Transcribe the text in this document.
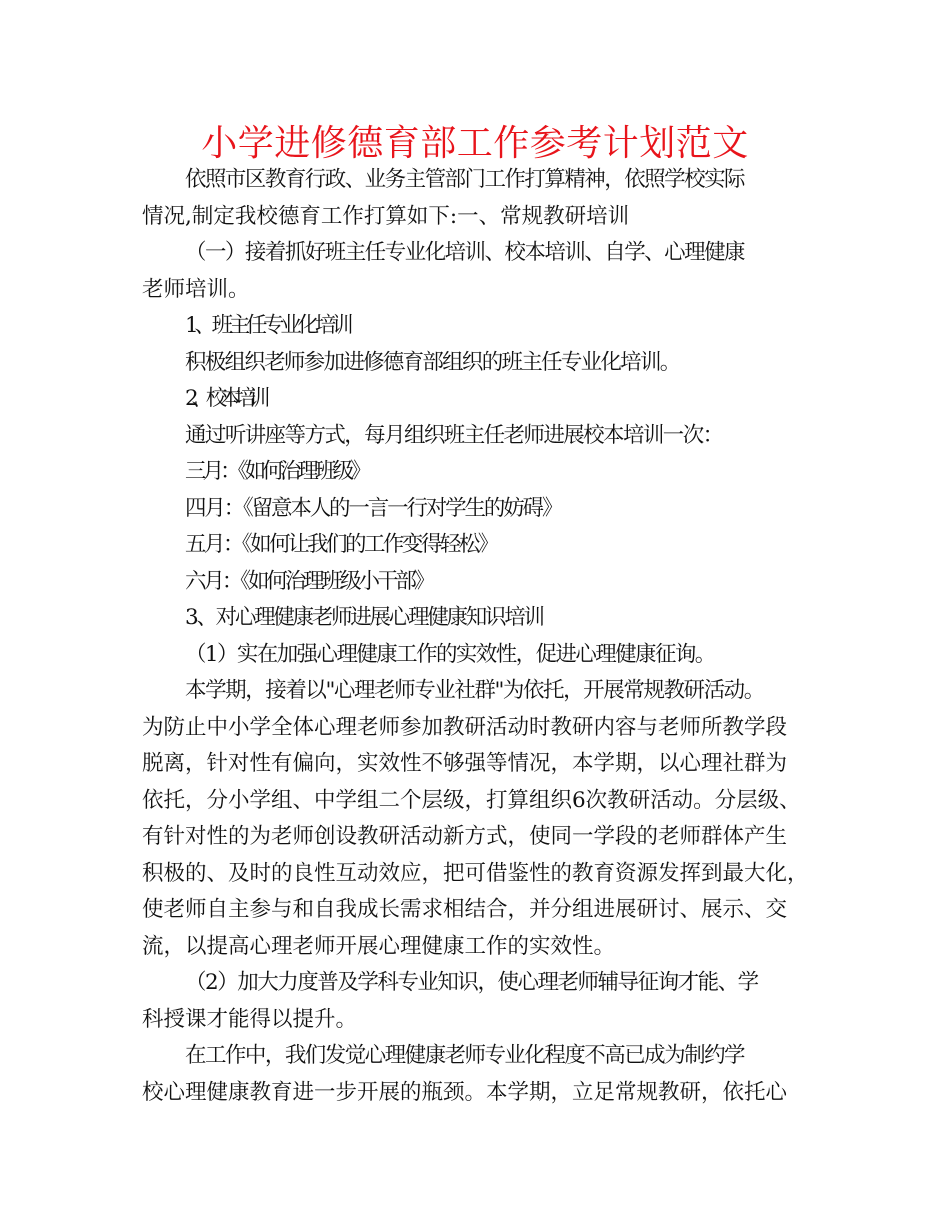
小学进修德育部工作参考计划范文

依照市区教育行政、业务主管部门工作打算精神，依照学校实际
情况,制定我校德育工作打算如下:一、常规教研培训

（一）接着抓好班主任专业化培训、校本培训、自学、心理健康
老师培训。

1、班主任专业化培训

积极组织老师参加进修德育部组织的班主任专业化培训。

2、校本培训

通过听讲座等方式，每月组织班主任老师进展校本培训一次：

三月：《如何治理班级》

四月：《留意本人的一言一行对学生的妨碍》

五月：《如何让我们的工作变得轻松》

六月：《如何治理班级小干部》

3、对心理健康老师进展心理健康知识培训

（1）实在加强心理健康工作的实效性，促进心理健康征询。

本学期，接着以"心理老师专业社群"为依托，开展常规教研活动。
为防止中小学全体心理老师参加教研活动时教研内容与老师所教学段
脱离，针对性有偏向，实效性不够强等情况，本学期，以心理社群为
依托，分小学组、中学组二个层级，打算组织6次教研活动。分层级、
有针对性的为老师创设教研活动新方式，使同一学段的老师群体产生
积极的、及时的良性互动效应，把可借鉴性的教育资源发挥到最大化，
使老师自主参与和自我成长需求相结合，并分组进展研讨、展示、交
流，以提高心理老师开展心理健康工作的实效性。

（2）加大力度普及学科专业知识，使心理老师辅导征询才能、学
科授课才能得以提升。

在工作中，我们发觉心理健康老师专业化程度不高已成为制约学
校心理健康教育进一步开展的瓶颈。本学期，立足常规教研，依托心
